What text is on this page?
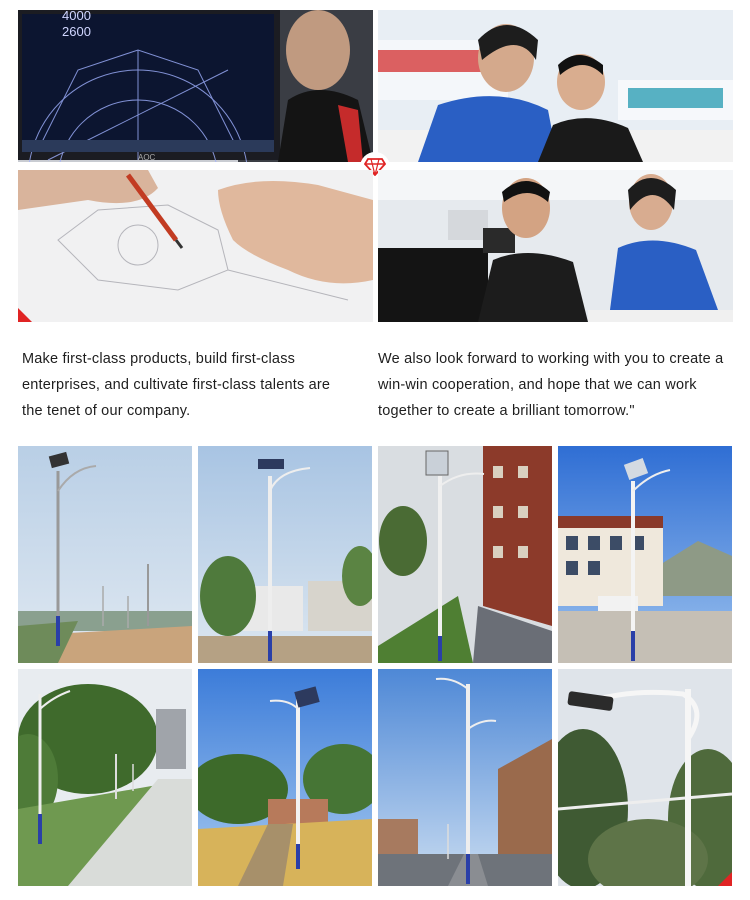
4000
2600
AOC
Make first-class products, build first-class enterprises, and cultivate first-class talents are the tenet of our company.
We also look forward to working with you to create a win-win cooperation, and hope that we can work together to create a brilliant tomorrow."
